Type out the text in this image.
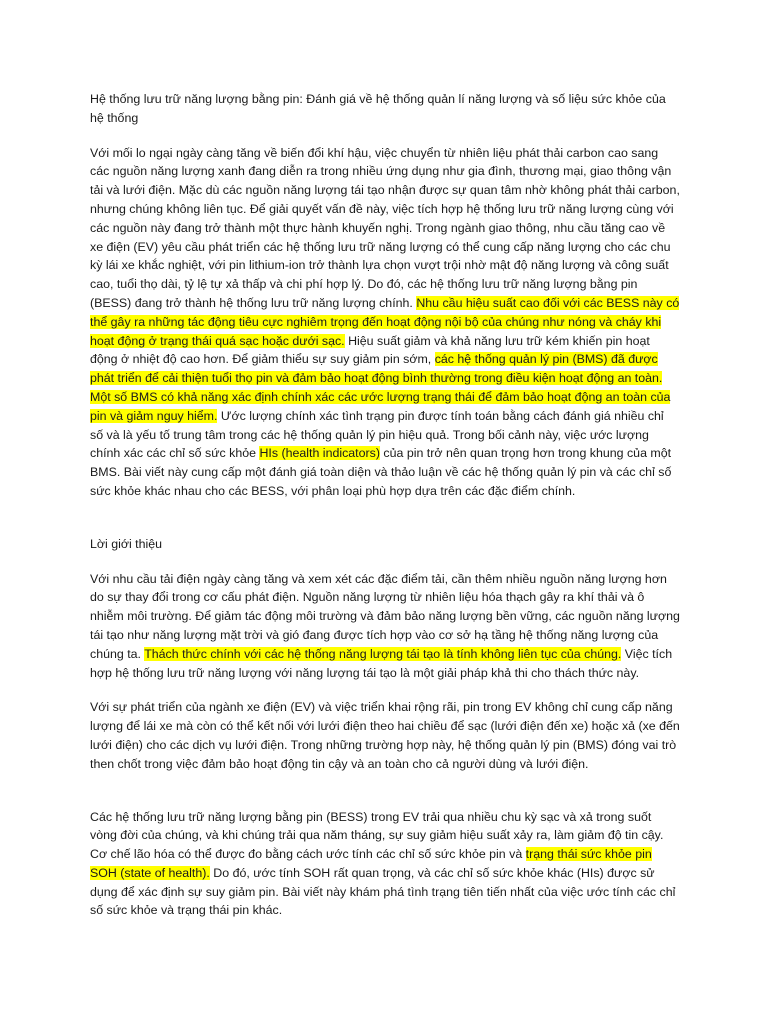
Hệ thống lưu trữ năng lượng bằng pin: Đánh giá về hệ thống quản lí năng lượng và số liệu sức khỏe của hệ thống

Với mối lo ngại ngày càng tăng về biến đổi khí hậu, việc chuyển từ nhiên liệu phát thải carbon cao sang các nguồn năng lượng xanh đang diễn ra trong nhiều ứng dụng như gia đình, thương mại, giao thông vận tải và lưới điện. Mặc dù các nguồn năng lượng tái tạo nhận được sự quan tâm nhờ không phát thải carbon, nhưng chúng không liên tục. Để giải quyết vấn đề này, việc tích hợp hệ thống lưu trữ năng lượng cùng với các nguồn này đang trở thành một thực hành khuyến nghị. Trong ngành giao thông, nhu cầu tăng cao về xe điện (EV) yêu cầu phát triển các hệ thống lưu trữ năng lượng có thể cung cấp năng lượng cho các chu kỳ lái xe khắc nghiệt, với pin lithium-ion trở thành lựa chọn vượt trội nhờ mật độ năng lượng và công suất cao, tuổi thọ dài, tỷ lệ tự xả thấp và chi phí hợp lý. Do đó, các hệ thống lưu trữ năng lượng bằng pin (BESS) đang trở thành hệ thống lưu trữ năng lượng chính. Nhu cầu hiệu suất cao đối với các BESS này có thể gây ra những tác động tiêu cực nghiêm trọng đến hoạt động nội bộ của chúng như nóng và cháy khi hoạt động ở trạng thái quá sạc hoặc dưới sạc. Hiệu suất giảm và khả năng lưu trữ kém khiến pin hoạt động ở nhiệt độ cao hơn. Để giảm thiểu sự suy giảm pin sớm, các hệ thống quản lý pin (BMS) đã được phát triển để cải thiện tuổi thọ pin và đảm bảo hoạt động bình thường trong điều kiện hoạt động an toàn. Một số BMS có khả năng xác định chính xác các ước lượng trạng thái để đảm bảo hoạt động an toàn của pin và giảm nguy hiểm. Ước lượng chính xác tình trạng pin được tính toán bằng cách đánh giá nhiều chỉ số và là yếu tố trung tâm trong các hệ thống quản lý pin hiệu quả. Trong bối cảnh này, việc ước lượng chính xác các chỉ số sức khỏe HIs (health indicators) của pin trở nên quan trọng hơn trong khung của một BMS. Bài viết này cung cấp một đánh giá toàn diện và thảo luận về các hệ thống quản lý pin và các chỉ số sức khỏe khác nhau cho các BESS, với phân loại phù hợp dựa trên các đặc điểm chính.

Lời giới thiệu

Với nhu cầu tải điện ngày càng tăng và xem xét các đặc điểm tải, cần thêm nhiều nguồn năng lượng hơn do sự thay đổi trong cơ cấu phát điện. Nguồn năng lượng từ nhiên liệu hóa thạch gây ra khí thải và ô nhiễm môi trường. Để giảm tác động môi trường và đảm bảo năng lượng bền vững, các nguồn năng lượng tái tạo như năng lượng mặt trời và gió đang được tích hợp vào cơ sở hạ tầng hệ thống năng lượng của chúng ta. Thách thức chính với các hệ thống năng lượng tái tạo là tính không liên tục của chúng. Việc tích hợp hệ thống lưu trữ năng lượng với năng lượng tái tạo là một giải pháp khả thi cho thách thức này.

Với sự phát triển của ngành xe điện (EV) và việc triển khai rộng rãi, pin trong EV không chỉ cung cấp năng lượng để lái xe mà còn có thể kết nối với lưới điện theo hai chiều để sạc (lưới điện đến xe) hoặc xả (xe đến lưới điện) cho các dịch vụ lưới điện. Trong những trường hợp này, hệ thống quản lý pin (BMS) đóng vai trò then chốt trong việc đảm bảo hoạt động tin cậy và an toàn cho cả người dùng và lưới điện.

Các hệ thống lưu trữ năng lượng bằng pin (BESS) trong EV trải qua nhiều chu kỳ sạc và xả trong suốt vòng đời của chúng, và khi chúng trải qua năm tháng, sự suy giảm hiệu suất xảy ra, làm giảm độ tin cậy. Cơ chế lão hóa có thể được đo bằng cách ước tính các chỉ số sức khỏe pin và trạng thái sức khỏe pin SOH (state of health). Do đó, ước tính SOH rất quan trọng, và các chỉ số sức khỏe khác (HIs) được sử dụng để xác định sự suy giảm pin. Bài viết này khám phá tình trạng tiên tiến nhất của việc ước tính các chỉ số sức khỏe và trạng thái pin khác.
